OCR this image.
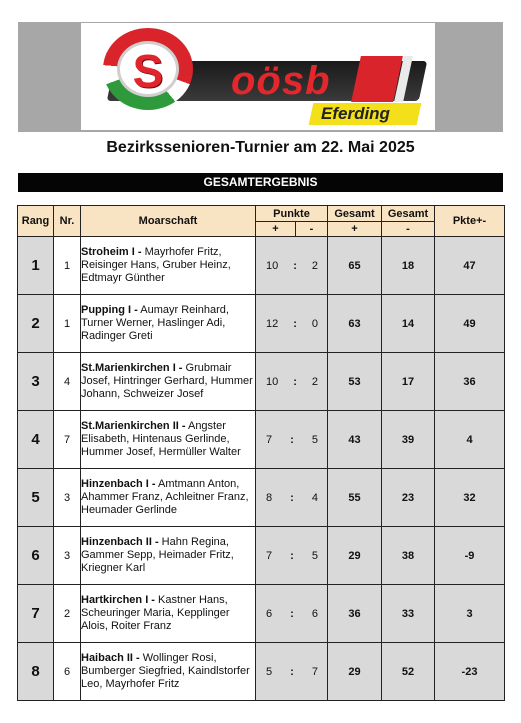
S	oösb
Eferding
Bezirkssenioren-Turnier am 22. Mai 2025
GESAMTERGEBNIS
Rang	Nr.	Moarschaft	Punkte		Gesamt	Gesamt	Pkte+-
			+	-	+	-	
1	1	Stroheim I - Mayrhofer Fritz, Reisinger Hans, Gruber Heinz, Edtmayr Günther	10 : 2		65	18	47
2	1	Pupping I - Aumayr Reinhard, Turner Werner, Haslinger Adi, Radinger Greti	12 : 0		63	14	49
3	4	St.Marienkirchen I - Grubmair Josef, Hintringer Gerhard, Hummer Johann, Schweizer Josef	10 : 2		53	17	36
4	7	St.Marienkirchen II - Angster Elisabeth, Hintenaus Gerlinde, Hummer Josef, Hermüller Walter	7 : 5		43	39	4
5	3	Hinzenbach I - Amtmann Anton, Ahammer Franz, Achleitner Franz, Heumader Gerlinde	8 : 4		55	23	32
6	3	Hinzenbach II - Hahn Regina, Gammer Sepp, Heimader Fritz, Kriegner Karl	7 : 5		29	38	-9
7	2	Hartkirchen I - Kastner Hans, Scheuringer Maria, Kepplinger Alois, Roiter Franz	6 : 6		36	33	3
8	6	Haibach II - Wollinger Rosi, Bumberger Siegfried, Kaindlstorfer Leo, Mayrhofer Fritz	5 : 7		29	52	-23
